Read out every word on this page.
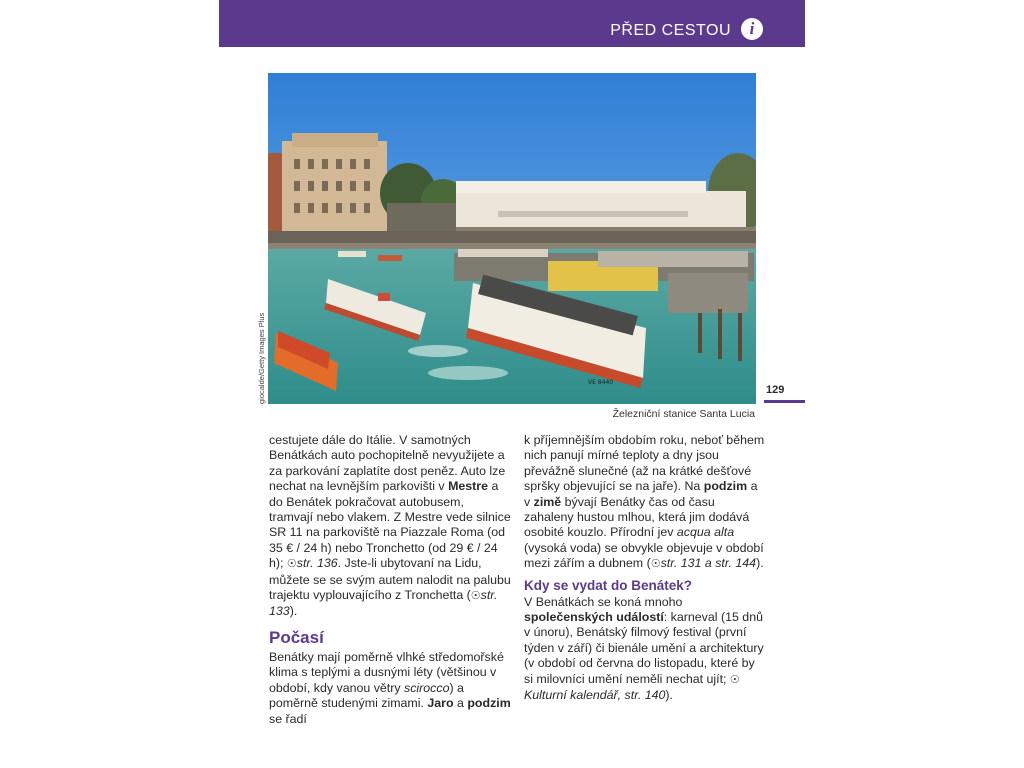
PŘED CESTOU	i
VE 8440
giocalde/Getty Images Plus	129
Železniční stanice Santa Lucia

cestujete dále do Itálie. V samotných Benátkách auto pochopitelně nevyužijete a za parkování zaplatíte dost peněz. Auto lze nechat na levnějším parkovišti v Mestre a do Benátek pokračovat autobusem, tramvají nebo vlakem. Z Mestre vede silnice SR 11 na parkoviště na Piazzale Roma (od 35 € / 24 h) nebo Tronchetto (od 29 € / 24 h); ☉str. 136. Jste-li ubytovaní na Lidu, můžete se se svým autem nalodit na palubu trajektu vyplouvajícího z Tronchetta (☉str. 133).

Počasí

Benátky mají poměrně vlhké středomořské klima s teplými a dusnými léty (většinou v období, kdy vanou větry scirocco) a poměrně studenými zimami. Jaro a podzim se řadí

k příjemnějším obdobím roku, neboť během nich panují mírné teploty a dny jsou převážně slunečné (až na krátké dešťové spršky objevující se na jaře). Na podzim a v zimě bývají Benátky čas od času zahaleny hustou mlhou, která jim dodává osobité kouzlo. Přírodní jev acqua alta (vysoká voda) se obvykle objevuje v období mezi zářím a dubnem (☉str. 131 a str. 144).

Kdy se vydat do Benátek?

V Benátkách se koná mnoho společenských událostí: karneval (15 dnů v únoru), Benátský filmový festival (první týden v září) či bienále umění a architektury (v období od června do listopadu, které by si milovníci umění neměli nechat ujít; ☉Kulturní kalendář, str. 140).
